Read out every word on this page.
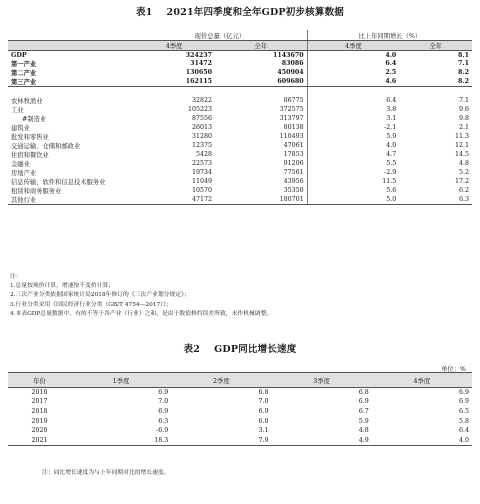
表1 2021年四季度和全年GDP初步核算数据
	现价总量（亿元）		比上年同期增长（%）	
	4季度	全年	4季度	全年
GDP	324237	1143670	4.0	8.1
第一产业	31472	83086	6.4	7.1
第二产业	130650	450904	2.5	8.2
第三产业	162115	609680	4.6	8.2

农林牧渔业	32822	86775	6.4	7.1
工业	105223	372575	3.8	9.6
#制造业	87556	313797	3.1	9.8
建筑业	26013	80138	-2.1	2.1
批发和零售业	31280	110493	5.9	11.3
交通运输、仓储和邮政业	12375	47061	4.0	12.1
住宿和餐饮业	5428	17853	4.7	14.5
金融业	22573	91206	5.5	4.8
房地产业	19734	77561	-2.9	5.2
信息传输、软件和信息技术服务业	11049	43956	11.5	17.2
租赁和商务服务业	10570	35350	5.6	6.2
其他行业	47172	180701	5.0	6.3
注：
1.总量按现价计算，增速按不变价计算；
2.三次产业分类依据国家统计局2018年修订的《三次产业划分规定》；
3.行业分类采用《国民经济行业分类（GB/T 4754—2017）》；
4.本表GDP总量数据中，有的不等于各产业（行业）之和，是由于数值修约误差所致，未作机械调整。
表2 GDP同比增长速度
单位：%
年份	1季度	2季度	3季度	4季度
2016	6.9	6.8	6.8	6.9
2017	7.0	7.0	6.9	6.9
2018	6.9	6.9	6.7	6.5
2019	6.3	6.0	5.9	5.8
2020	-6.9	3.1	4.8	6.4
2021	18.3	7.9	4.9	4.0
注：同比增长速度为与上年同期对比的增长速度。
